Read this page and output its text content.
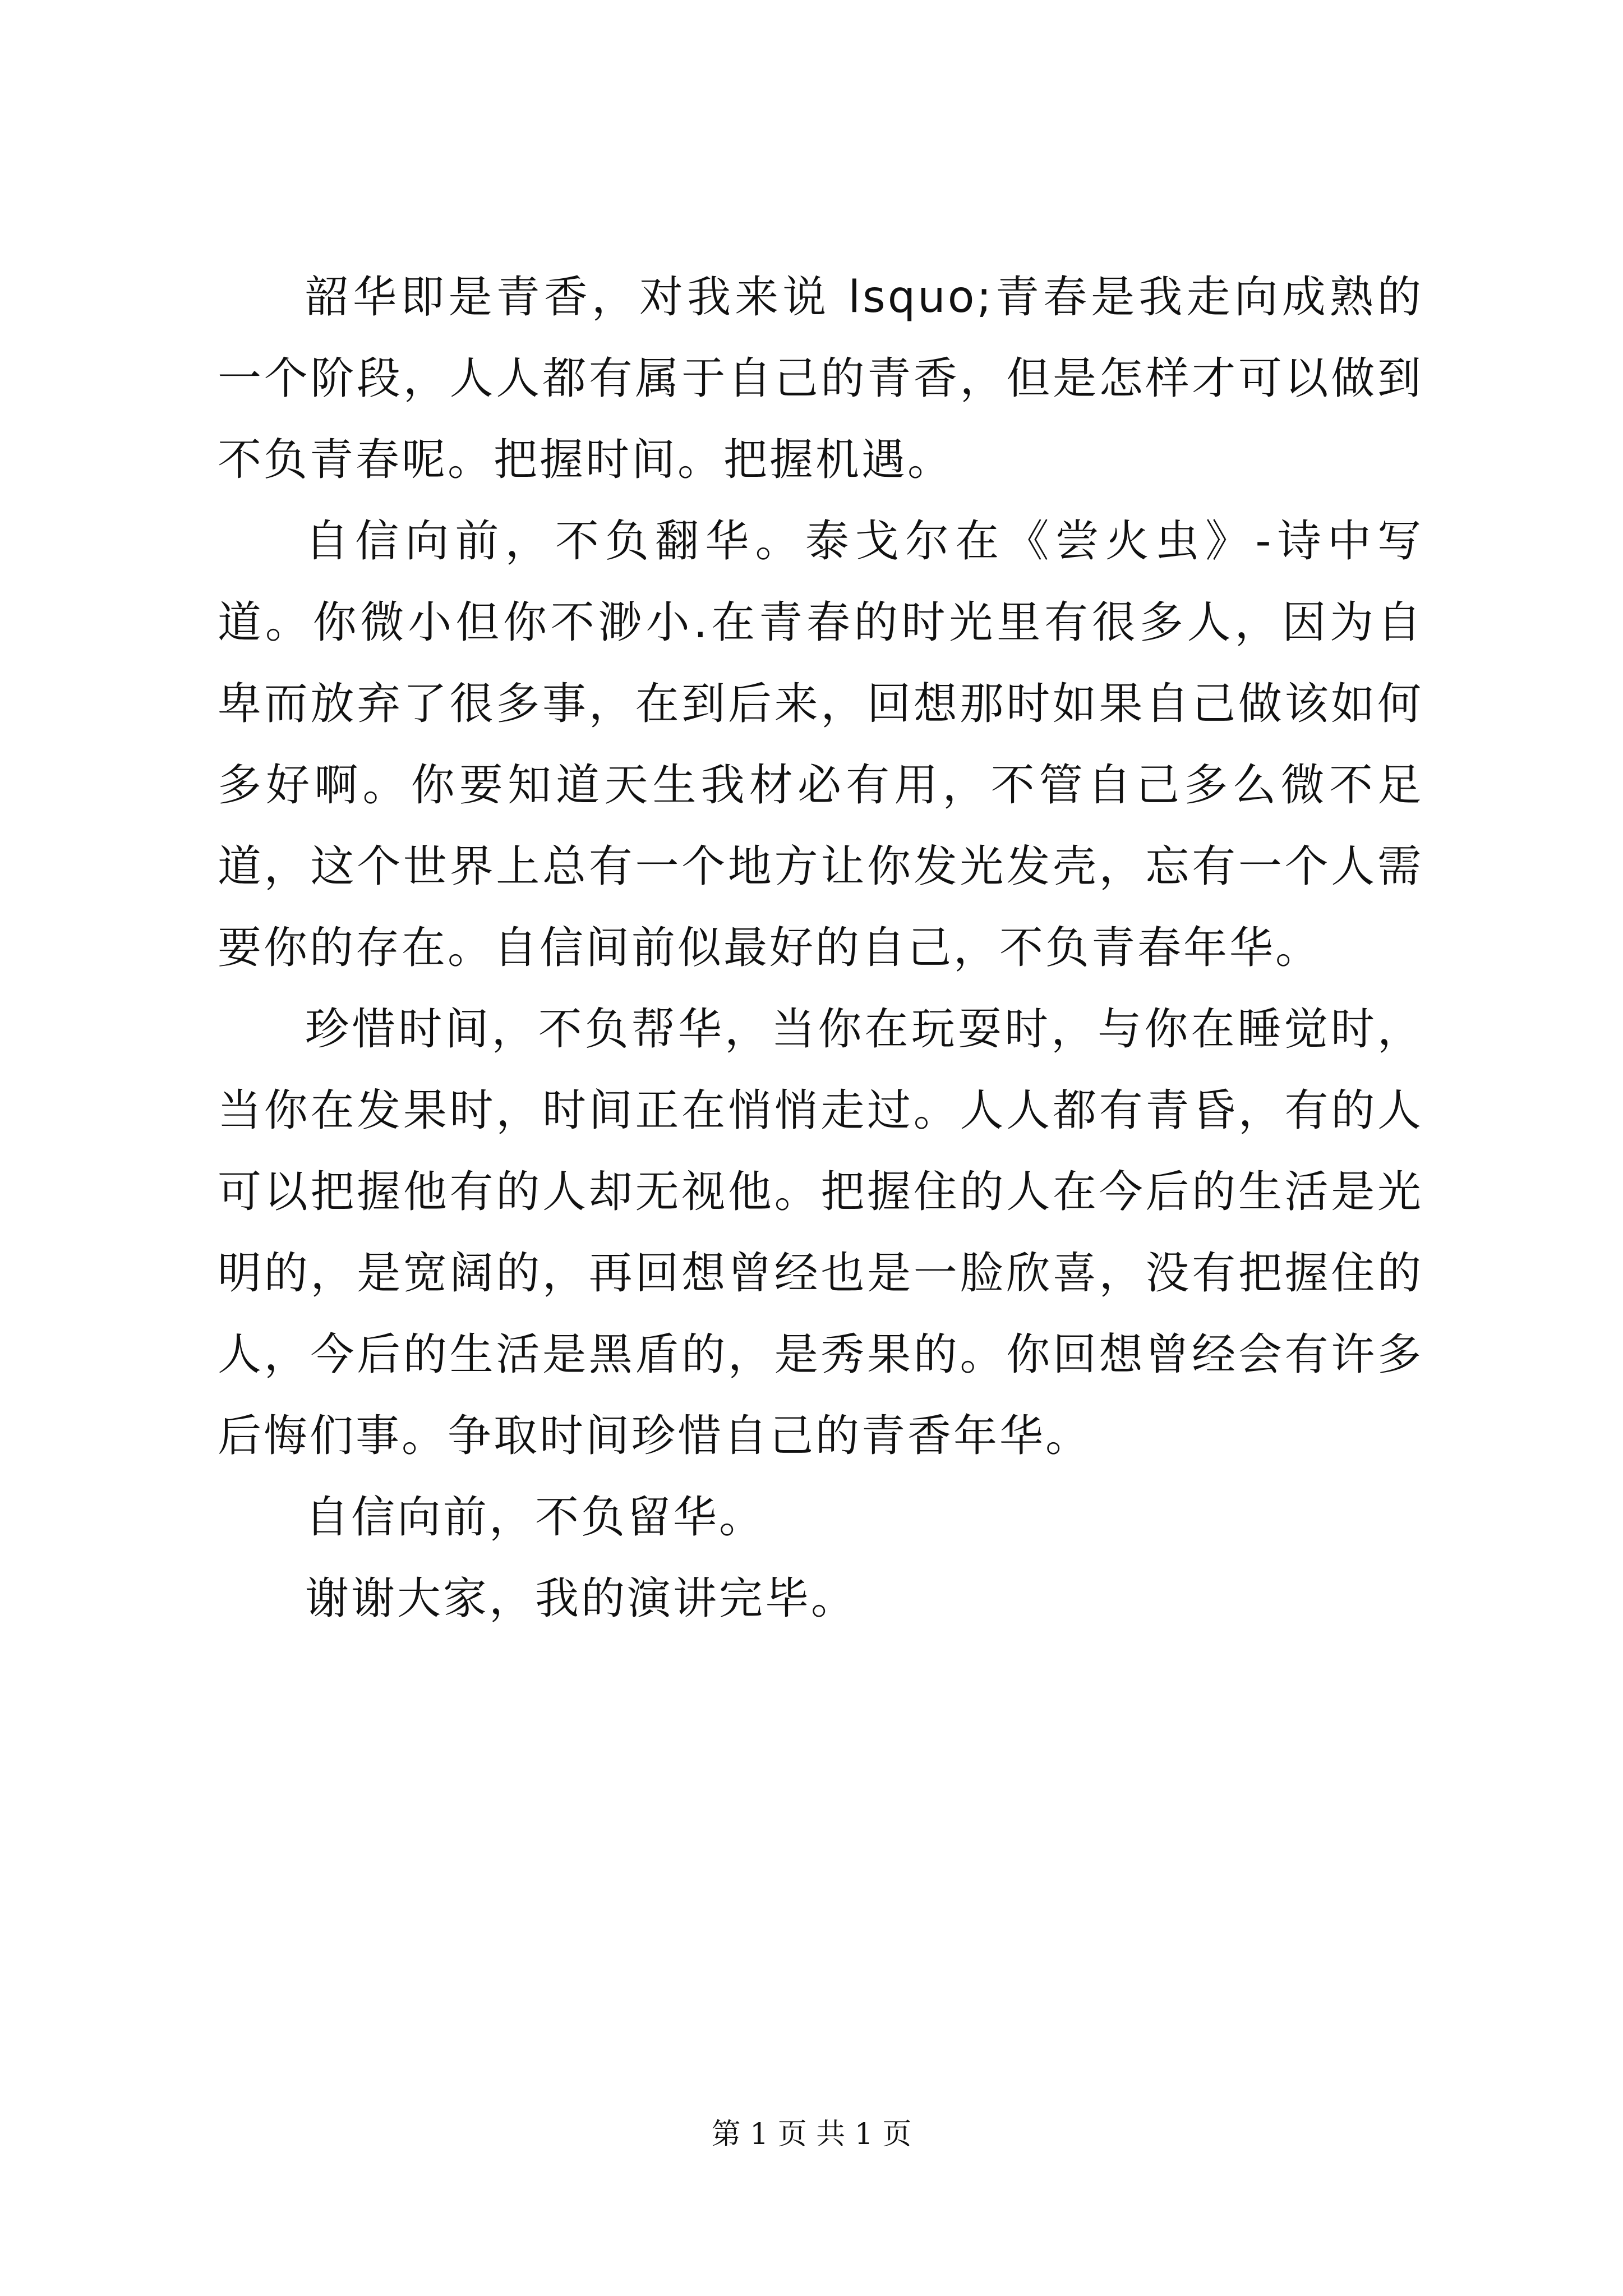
韶华即是青香，对我来说 lsquo;青春是我走向成熟的一个阶段，人人都有属于自己的青香，但是怎样才可以做到不负青春呢。把握时间。把握机遇。

自信向前，不负翻华。泰戈尔在《尝火虫》-诗中写道。你微小但你不渺小.在青春的时光里有很多人，因为自卑而放弃了很多事，在到后来，回想那时如果自己做该如何多好啊。你要知道天生我材必有用，不管自己多么微不足道，这个世界上总有一个地方让你发光发壳，忘有一个人需要你的存在。自信间前似最好的自己，不负青春年华。

珍惜时间，不负帮华，当你在玩耍时，与你在睡觉时，当你在发果时，时间正在悄悄走过。人人都有青昏，有的人可以把握他有的人却无视他。把握住的人在今后的生活是光明的，是宽阔的，再回想曾经也是一脸欣喜，没有把握住的人，今后的生活是黑盾的，是秀果的。你回想曾经会有许多后悔们事。争取时间珍惜自己的青香年华。

自信向前，不负留华。

谢谢大家，我的演讲完毕。

第 1 页 共 1 页
